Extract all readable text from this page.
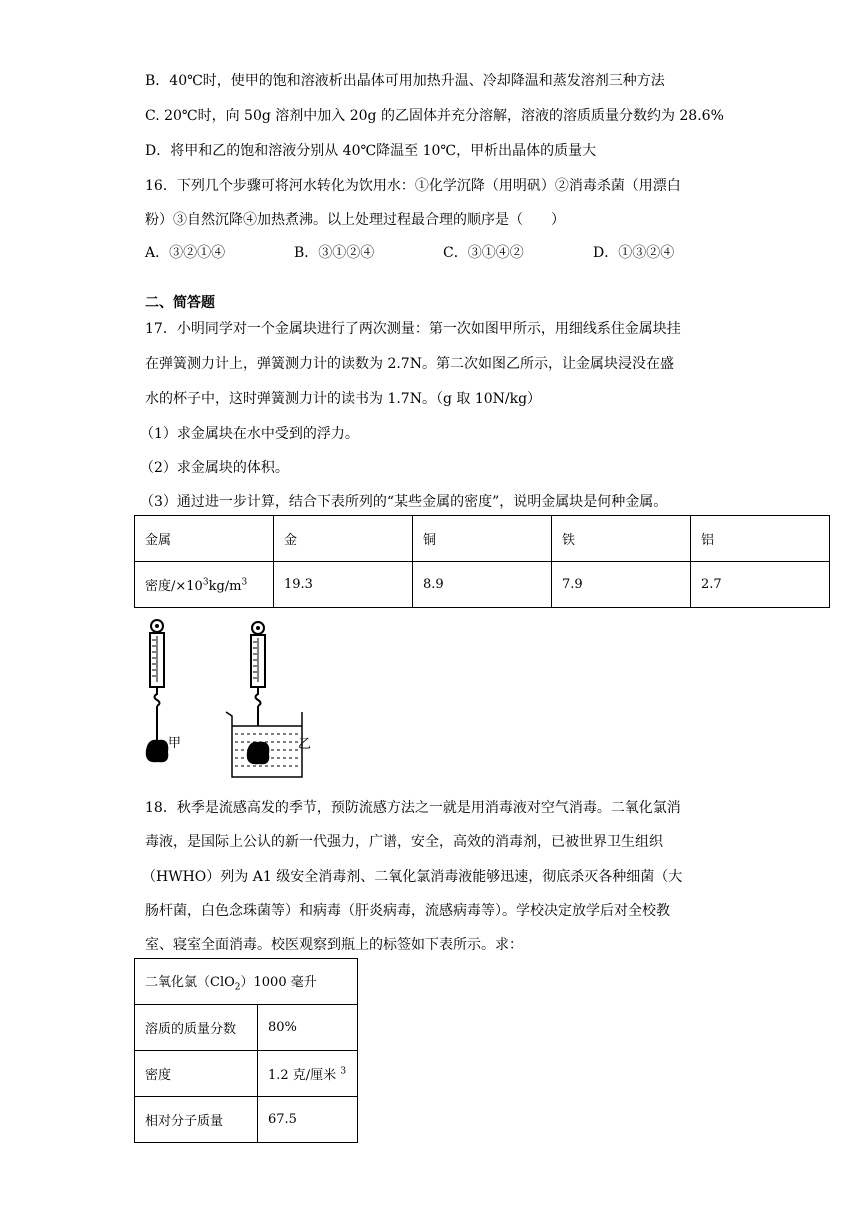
B．40℃时，使甲的饱和溶液析出晶体可用加热升温、冷却降温和蒸发溶剂三种方法
C. 20℃时，向 50g 溶剂中加入 20g 的乙固体并充分溶解，溶液的溶质质量分数约为 28.6%
D．将甲和乙的饱和溶液分别从 40℃降温至 10℃，甲析出晶体的质量大
16．下列几个步骤可将河水转化为饮用水：①化学沉降（用明矾）②消毒杀菌（用漂白
粉）③自然沉降④加热煮沸。以上处理过程最合理的顺序是（　　）
A．③②①④	B．③①②④	C．③①④②	D．①③②④
二、简答题
17．小明同学对一个金属块进行了两次测量：第一次如图甲所示，用细线系住金属块挂
在弹簧测力计上，弹簧测力计的读数为 2.7N。第二次如图乙所示，让金属块浸没在盛
水的杯子中，这时弹簧测力计的读书为 1.7N。（g 取 10N/kg）
（1）求金属块在水中受到的浮力。
（2）求金属块的体积。
（3）通过进一步计算，结合下表所列的“某些金属的密度”，说明金属块是何种金属。
金属	金	铜	铁	铝
密度$/\times 10^3kg/m^3$	19.3	8.9	7.9	2.7
甲	乙
18．秋季是流感高发的季节，预防流感方法之一就是用消毒液对空气消毒。二氧化氯消
毒液，是国际上公认的新一代强力，广谱，安全，高效的消毒剂，已被世界卫生组织
（HWHO）列为 A1 级安全消毒剂、二氧化氯消毒液能够迅速，彻底杀灭各种细菌（大
肠杆菌，白色念珠菌等）和病毒（肝炎病毒，流感病毒等）。学校决定放学后对全校教
室、寝室全面消毒。校医观察到瓶上的标签如下表所示。求：
二氧化氯（ClO$_2$）1000 毫升	
溶质的质量分数	80%
密度	1.2 克/厘米 $^3$
相对分子质量	67.5
